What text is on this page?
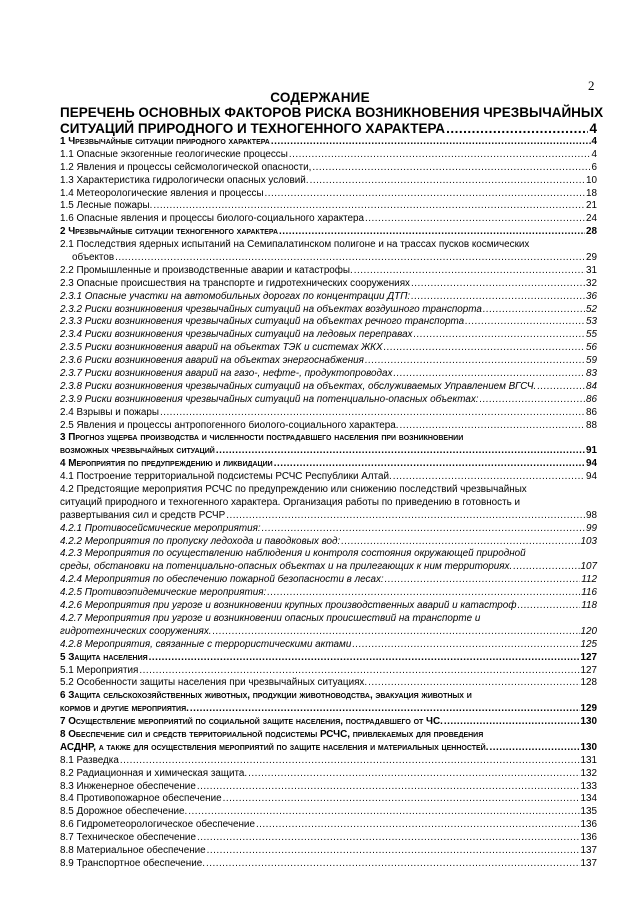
2
СОДЕРЖАНИЕ
ПЕРЕЧЕНЬ ОСНОВНЫХ ФАКТОРОВ РИСКА ВОЗНИКНОВЕНИЯ ЧРЕЗВЫЧАЙНЫХ
СИТУАЦИЙ ПРИРОДНОГО И ТЕХНОГЕННОГО ХАРАКТЕРА .....	4
1 Чрезвычайные ситуации природного характера .....	4
1.1 Опасные экзогенные геологические процессы .....	4
1.2 Явления и процессы сейсмологической опасности, .....	6
1.3 Характеристика гидрологически опасных условий. .....	10
1.4 Метеорологические явления и процессы .....	18
1.5 Лесные пожары. .....	21
1.6 Опасные явления и процессы биолого-социального характера .....	24
2 Чрезвычайные ситуации техногенного характера .....	28
2.1 Последствия ядерных испытаний на Семипалатинском полигоне и на трассах пусков космических
объектов .....	29
2.2 Промышленные и производственные аварии и катастрофы. .....	31
2.3 Опасные происшествия на транспорте и гидротехнических сооружениях .....	32
2.3.1 Опасные участки на автомобильных дорогах по концентрации ДТП: .....	36
2.3.2 Риски возникновения чрезвычайных ситуаций на объектах воздушного транспорта .....	52
2.3.3 Риски возникновения чрезвычайных ситуаций на объектах речного транспорта .....	53
2.3.4 Риски возникновения чрезвычайных ситуаций на ледовых переправах .....	55
2.3.5 Риски возникновения аварий на объектах ТЭК и системах ЖКХ .....	56
2.3.6 Риски возникновения аварий на объектах энергоснабжения .....	59
2.3.7 Риски возникновения аварий на газо-, нефте-, продуктопроводах .....	83
2.3.8 Риски возникновения чрезвычайных ситуаций на объектах, обслуживаемых Управлением ВГСЧ. .....	84
2.3.9 Риски возникновения чрезвычайных ситуаций на потенциально-опасных объектах: .....	86
2.4 Взрывы и пожары .....	86
2.5 Явления и процессы антропогенного биолого-социального характера. .....	88
3 Прогноз ущерба производства и численности пострадавшего населения при возникновении
возможных чрезвычайных ситуаций .....	91
4 Мероприятия по предупреждению и ликвидации .....	94
4.1 Построение территориальной подсистемы РСЧС Республики Алтай. .....	94
4.2 Предстоящие мероприятия РСЧС по предупреждению или снижению последствий чрезвычайных
ситуаций природного и техногенного характера. Организация работы по приведению в готовность и
развертывания сил и средств РСЧР .....	98
4.2.1 Противосейсмические мероприятия: .....	99
4.2.2 Мероприятия по пропуску ледохода и паводковых вод: .....	103
4.2.3 Мероприятия по осуществлению наблюдения и контроля состояния окружающей природной
среды, обстановки на потенциально-опасных объектах и на прилегающих к ним территориях. .....	107
4.2.4 Мероприятия по обеспечению пожарной безопасности в лесах: .....	112
4.2.5 Противоэпидемические мероприятия: .....	116
4.2.6 Мероприятия при угрозе и возникновении крупных производственных аварий и катастроф .....	118
4.2.7 Мероприятия при угрозе и возникновении опасных происшествий на транспорте и
гидротехнических сооружениях. .....	120
4.2.8 Мероприятия, связанные с террористическими актами .....	125
5 Защита населения .....	127
5.1 Мероприятия .....	127
5.2 Особенности защиты населения при чрезвычайных ситуациях. .....	128
6 Защита сельскохозяйственных животных, продукции животноводства, эвакуация животных и
кормов и другие мероприятия. .....	129
7 Осуществление мероприятий по социальной защите населения, пострадавшего от ЧС. .....	130
8 Обеспечение сил и средств территориальной подсистемы РСЧС, привлекаемых для проведения
АСДНР, а также для осуществления мероприятий по защите населения и материальных ценностей. .....	130
8.1 Разведка .....	131
8.2 Радиационная и химическая защита. .....	132
8.3 Инженерное обеспечение .....	133
8.4 Противопожарное обеспечение .....	134
8.5 Дорожное обеспечение. .....	135
8.6 Гидрометеорологическое обеспечение .....	136
8.7 Техническое обеспечение .....	136
8.8 Материальное обеспечение .....	137
8.9 Транспортное обеспечение. .....	137
